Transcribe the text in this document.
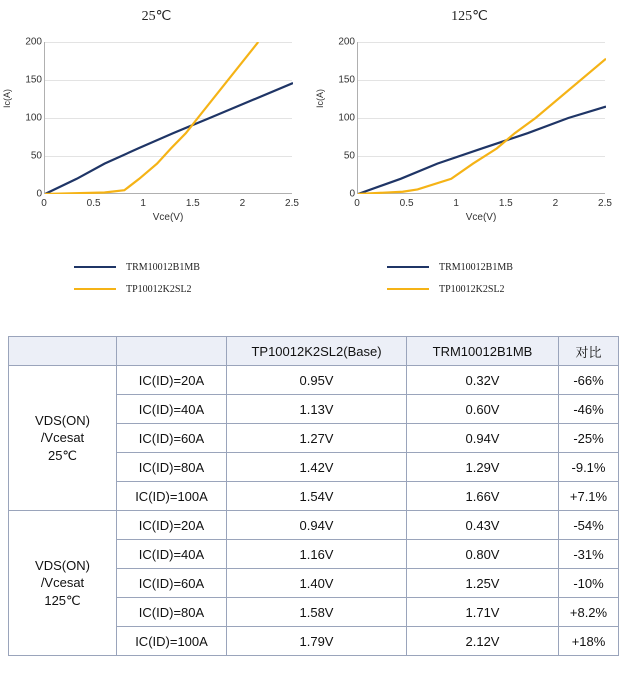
25℃
Ic(A)
0
50
100
150
200
0	0.5	1	1.5	2	2.5
Vce(V)
TRM10012B1MB
TP10012K2SL2
125℃
Ic(A)
0
50
100
150
200
0	0.5	1	1.5	2	2.5
Vce(V)
TRM10012B1MB
TP10012K2SL2
		TP10012K2SL2(Base)	TRM10012B1MB	对比

VDS(ON)
/Vcesat
25℃	IC(ID)=20A	0.95V	0.32V	-66%
	IC(ID)=40A	1.13V	0.60V	-46%
	IC(ID)=60A	1.27V	0.94V	-25%
	IC(ID)=80A	1.42V	1.29V	-9.1%
	IC(ID)=100A	1.54V	1.66V	+7.1%

VDS(ON)
/Vcesat
125℃	IC(ID)=20A	0.94V	0.43V	-54%
	IC(ID)=40A	1.16V	0.80V	-31%
	IC(ID)=60A	1.40V	1.25V	-10%
	IC(ID)=80A	1.58V	1.71V	+8.2%
	IC(ID)=100A	1.79V	2.12V	+18%
